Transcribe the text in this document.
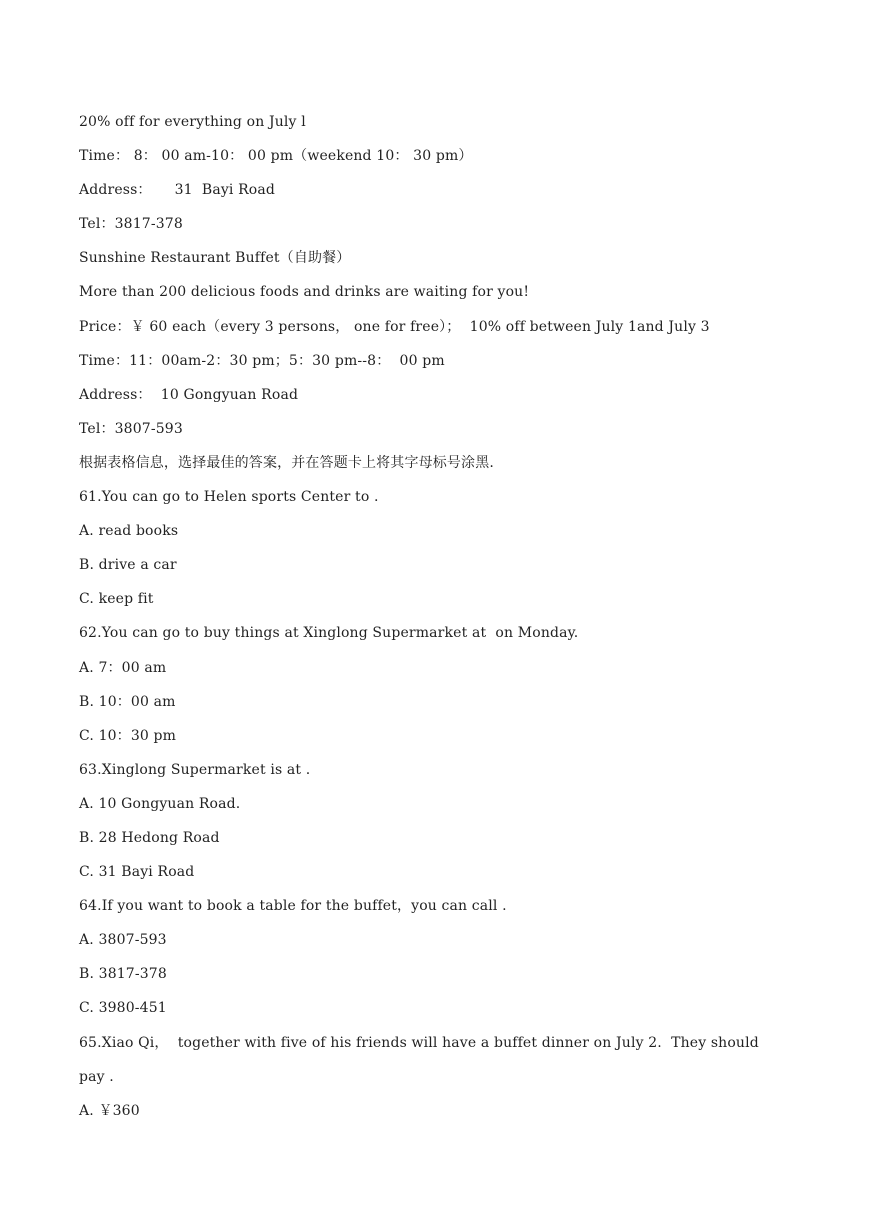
20% off for everything on July l
Time： 8： 00 am-10： 00 pm（weekend 10： 30 pm）
Address：     31  Bayi Road
Tel：3817-378
Sunshine Restaurant Buffet（自助餐）
More than 200 delicious foods and drinks are waiting for you!
Price：￥ 60 each（every 3 persons， one for free）；  10% off between July 1and July 3
Time：11：00am-2：30 pm；5：30 pm--8：  00 pm
Address：  10 Gongyuan Road
Tel：3807-593
根据表格信息，选择最佳的答案，并在答题卡上将其字母标号涂黑.
61.You can go to Helen sports Center to .
A. read books
B. drive a car
C. keep fit
62.You can go to buy things at Xinglong Supermarket at  on Monday.
A. 7：00 am
B. 10：00 am
C. 10：30 pm
63.Xinglong Supermarket is at .
A. 10 Gongyuan Road.
B. 28 Hedong Road
C. 31 Bayi Road
64.If you want to book a table for the buffet，you can call .
A. 3807-593
B. 3817-378
C. 3980-451
65.Xiao Qi，  together with five of his friends will have a buffet dinner on July 2.  They should
pay .
A. ￥360
